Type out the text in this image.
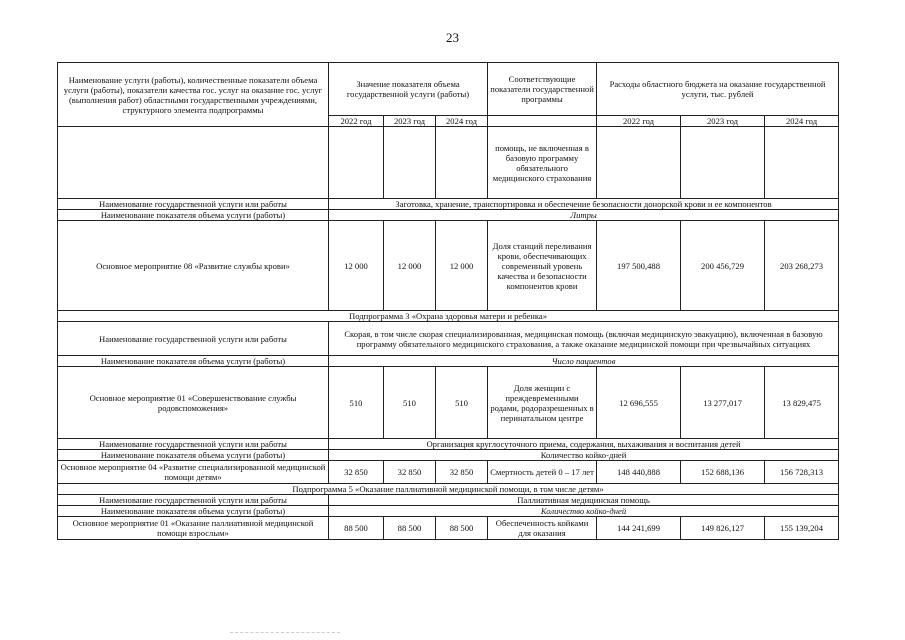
23
Наименование услуги (работы), количественные показатели объема услуги (работы), показатели качества гос. услуг на оказание гос. услуг (выполнения работ) областными государственными учреждениями, структурного элемента подпрограммы	Значение показателя объема государственной услуги (работы)			Соответствующие показатели государственной программы	Расходы областного бюджета на оказание государственной услуги, тыс. рублей		
	2022 год	2023 год	2024 год		2022 год	2023 год	2024 год
				помощь, не включенная в базовую программу обязательного медицинского страхования			
Наименование государственной услуги или работы	Заготовка, хранение, транспортировка и обеспечение безопасности донорской крови и ее компонентов						
Наименование показателя объема услуги (работы)	Литры						
Основное мероприятие 08 «Развитие службы крови»	12 000	12 000	12 000	Доля станций переливания крови, обеспечивающих современный уровень качества и безопасности компонентов крови	197 500,488	200 456,729	203 268,273
Подпрограмма 3 «Охрана здоровья матери и ребенка»							
Наименование государственной услуги или работы	Скорая, в том числе скорая специализированная, медицинская помощь (включая медицинскую эвакуацию), включенная в базовую программу обязательного медицинского страхования, а также оказание медицинской помощи при чрезвычайных ситуациях						
Наименование показателя объема услуги (работы)	Число пациентов						
Основное мероприятие 01 «Совершенствование службы родовспоможения»	510	510	510	Доля женщин с преждевременными родами, родоразрешенных в перинатальном центре	12 696,555	13 277,017	13 829,475
Наименование государственной услуги или работы	Организация круглосуточного приема, содержания, выхаживания и воспитания детей						
Наименование показателя объема услуги (работы)	Количество койко-дней						
Основное мероприятие 04 «Развитие специализированной медицинской помощи детям»	32 850	32 850	32 850	Смертность детей 0 – 17 лет	148 440,888	152 688,136	156 728,313
Подпрограмма 5 «Оказание паллиативной медицинской помощи, в том числе детям»							
Наименование государственной услуги или работы	Паллиативная медицинская помощь						
Наименование показателя объема услуги (работы)	Количество койко-дней						
Основное мероприятие 01 «Оказание паллиативной медицинской помощи взрослым»	88 500	88 500	88 500	Обеспеченность койками для оказания	144 241,699	149 826,127	155 139,204
